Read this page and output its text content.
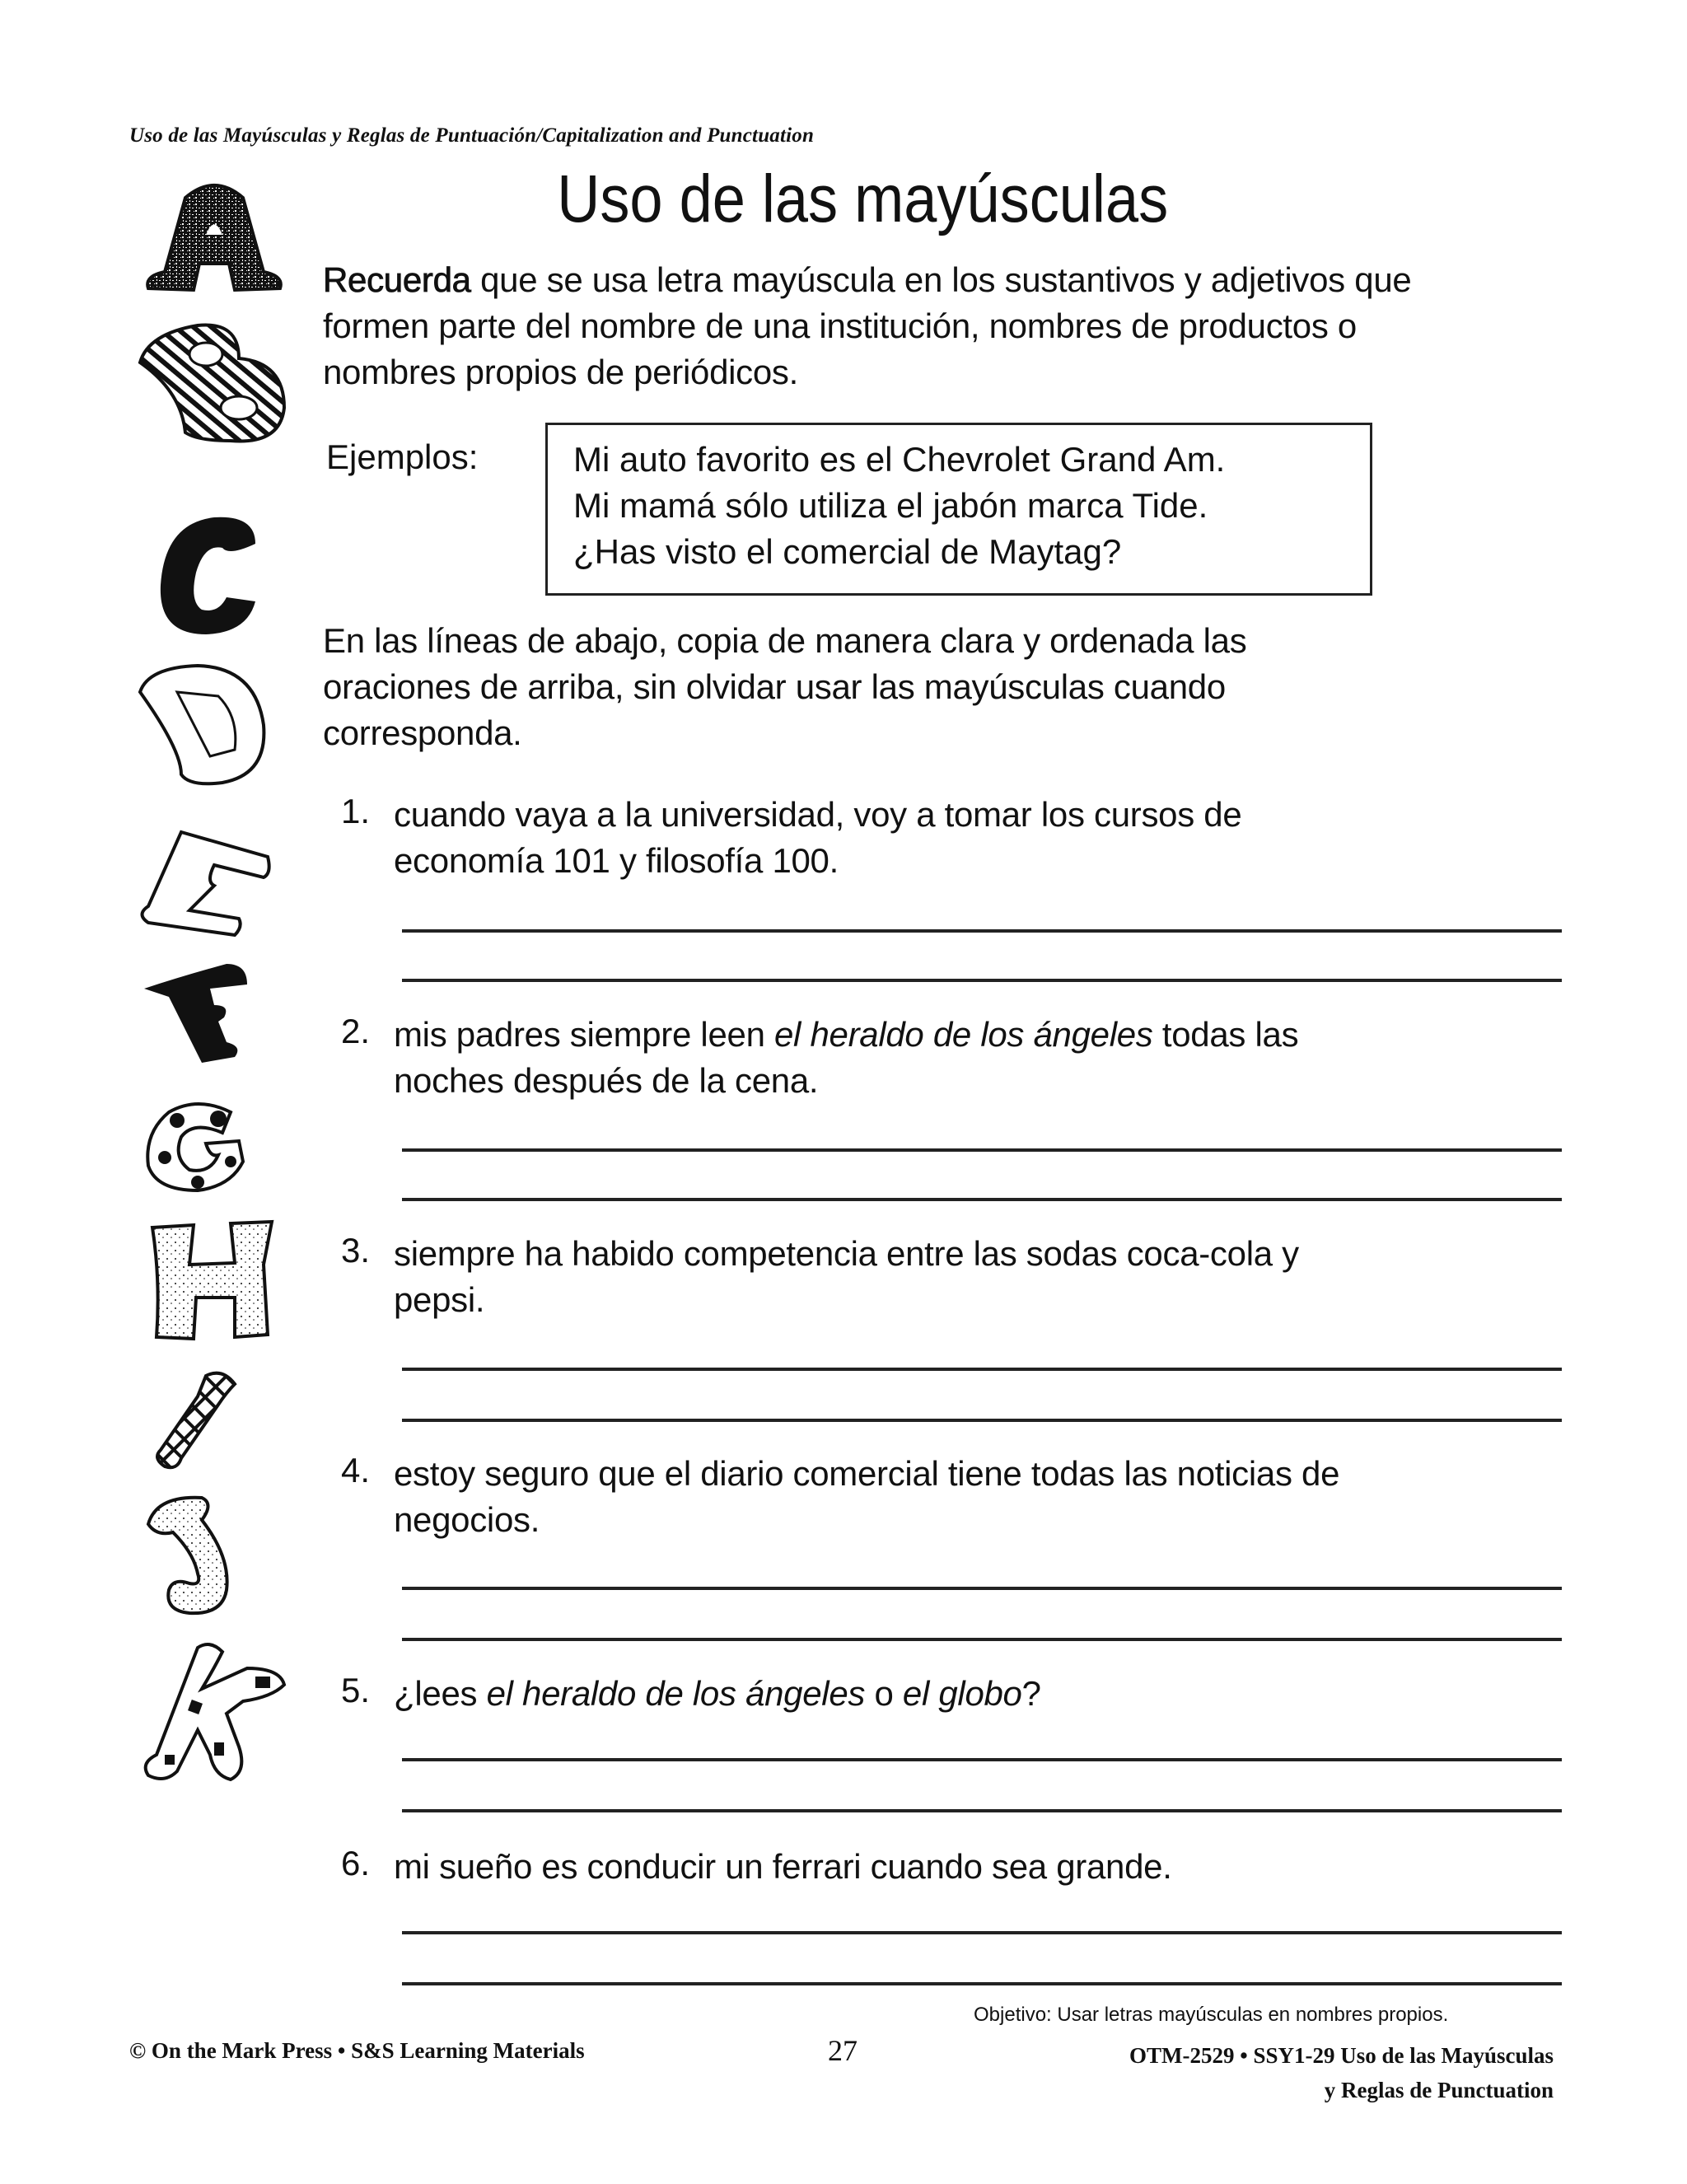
Uso de las Mayúsculas y Reglas de Puntuación/Capitalization and Punctuation
Uso de las mayúsculas
Recuerda que se usa letra mayúscula en los sustantivos y adjetivos que
formen parte del nombre de una institución, nombres de productos o
nombres propios de periódicos.
Ejemplos:	Mi auto favorito es el Chevrolet Grand Am.
Mi mamá sólo utiliza el jabón marca Tide.
¿Has visto el comercial de Maytag?
En las líneas de abajo, copia de manera clara y ordenada las
oraciones de arriba, sin olvidar usar las mayúsculas cuando
corresponda.
1. cuando vaya a la universidad, voy a tomar los cursos de
economía 101 y filosofía 100.
2. mis padres siempre leen el heraldo de los ángeles todas las
noches después de la cena.
3. siempre ha habido competencia entre las sodas coca-cola y
pepsi.
4. estoy seguro que el diario comercial tiene todas las noticias de
negocios.
5. ¿lees el heraldo de los ángeles o el globo?
6. mi sueño es conducir un ferrari cuando sea grande.
Objetivo: Usar letras mayúsculas en nombres propios.
© On the Mark Press • S&S Learning Materials	27	OTM-2529 • SSY1-29 Uso de las Mayúsculas
y Reglas de Punctuation
